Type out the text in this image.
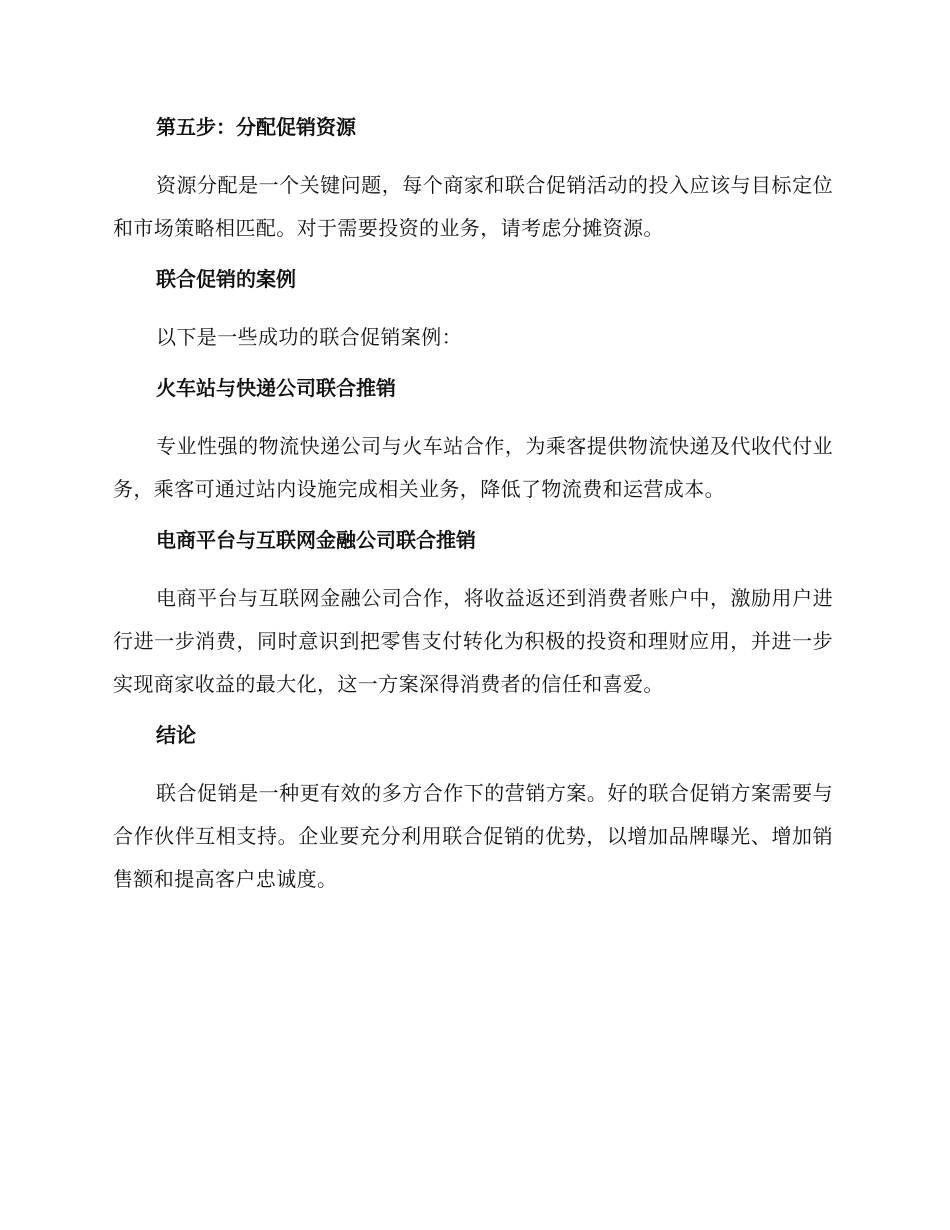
第五步：分配促销资源

资源分配是一个关键问题，每个商家和联合促销活动的投入应该与目标定位和市场策略相匹配。对于需要投资的业务，请考虑分摊资源。

联合促销的案例

以下是一些成功的联合促销案例：

火车站与快递公司联合推销

专业性强的物流快递公司与火车站合作，为乘客提供物流快递及代收代付业务，乘客可通过站内设施完成相关业务，降低了物流费和运营成本。

电商平台与互联网金融公司联合推销

电商平台与互联网金融公司合作，将收益返还到消费者账户中，激励用户进行进一步消费，同时意识到把零售支付转化为积极的投资和理财应用，并进一步实现商家收益的最大化，这一方案深得消费者的信任和喜爱。

结论

联合促销是一种更有效的多方合作下的营销方案。好的联合促销方案需要与合作伙伴互相支持。企业要充分利用联合促销的优势，以增加品牌曝光、增加销售额和提高客户忠诚度。
